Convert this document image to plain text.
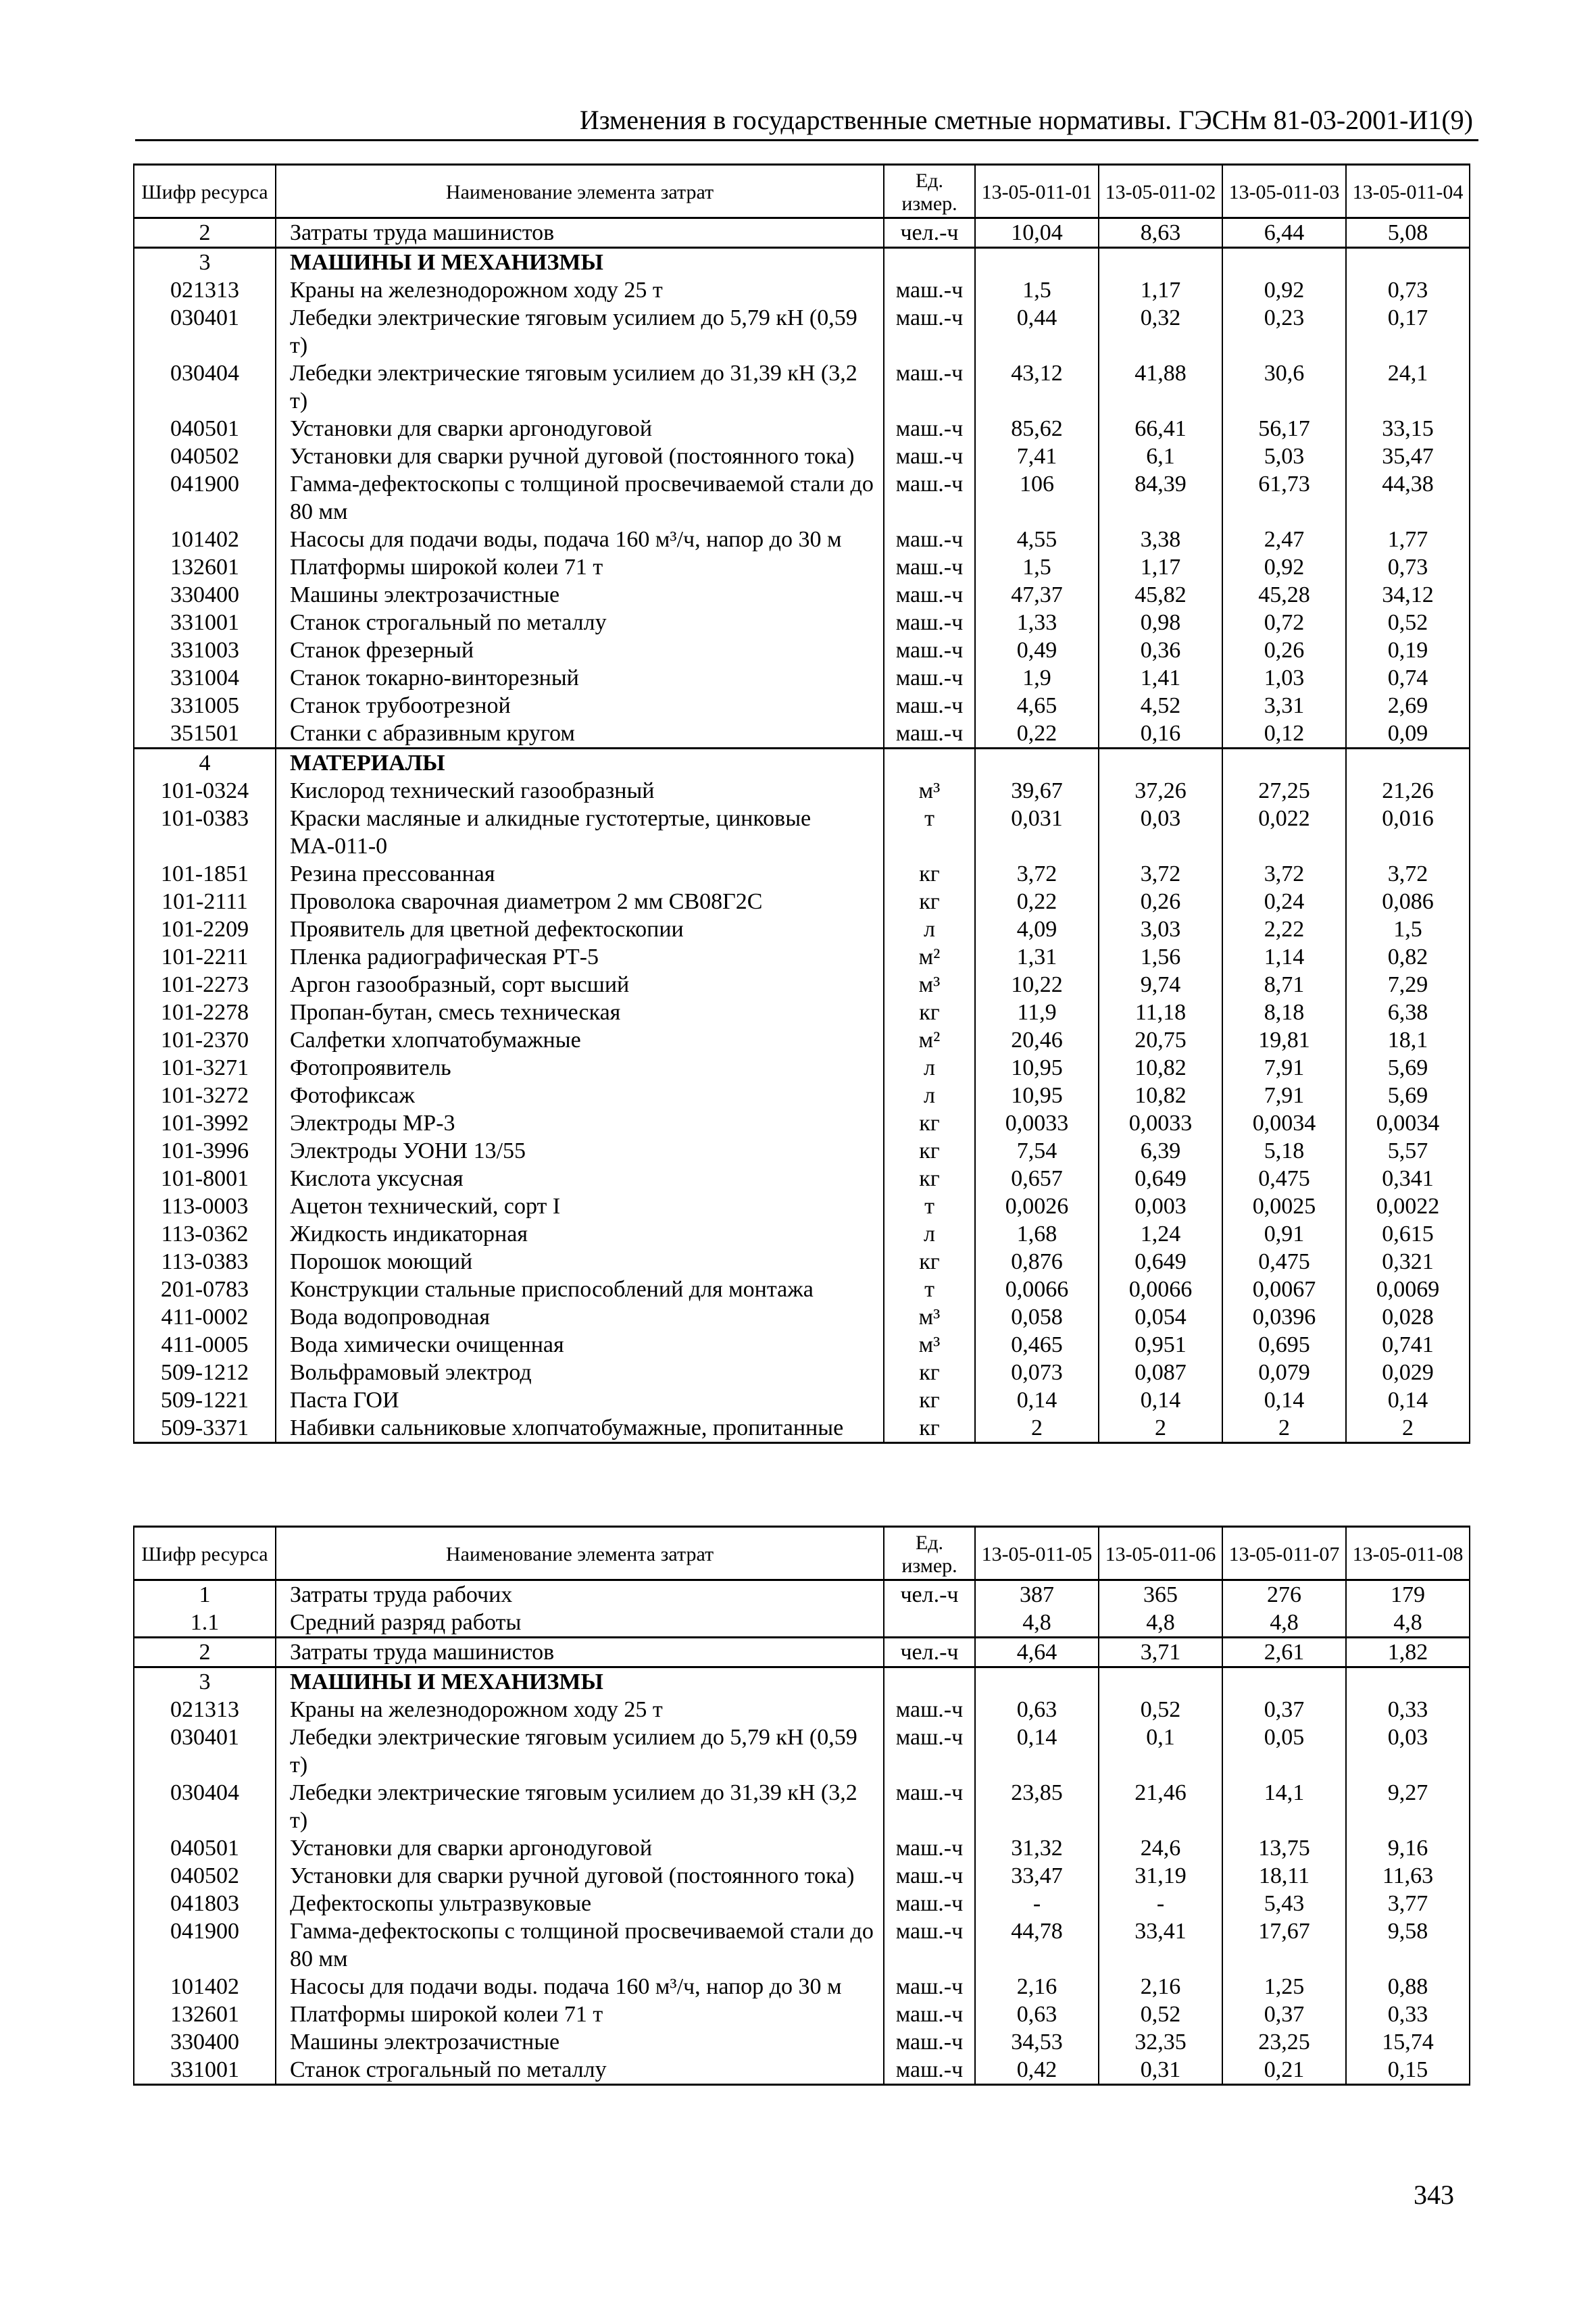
Изменения в государственные сметные нормативы. ГЭСНм 81-03-2001-И1(9)
Шифр ресурса	Наименование элемента затрат	Ед. измер.	13-05-011-01	13-05-011-02	13-05-011-03	13-05-011-04
2	Затраты труда машинистов	чел.-ч	10,04	8,63	6,44	5,08
3	МАШИНЫ И МЕХАНИЗМЫ					
021313	Краны на железнодорожном ходу 25 т	маш.-ч	1,5	1,17	0,92	0,73
030401	Лебедки электрические тяговым усилием до 5,79 кН (0,59 т)	маш.-ч	0,44	0,32	0,23	0,17
030404	Лебедки электрические тяговым усилием до 31,39 кН (3,2 т)	маш.-ч	43,12	41,88	30,6	24,1
040501	Установки для сварки аргонодуговой	маш.-ч	85,62	66,41	56,17	33,15
040502	Установки для сварки ручной дуговой (постоянного тока)	маш.-ч	7,41	6,1	5,03	35,47
041900	Гамма-дефектоскопы с толщиной просвечиваемой стали до 80 мм	маш.-ч	106	84,39	61,73	44,38
101402	Насосы для подачи воды, подача 160 м³/ч, напор до 30 м	маш.-ч	4,55	3,38	2,47	1,77
132601	Платформы широкой колеи 71 т	маш.-ч	1,5	1,17	0,92	0,73
330400	Машины электрозачистные	маш.-ч	47,37	45,82	45,28	34,12
331001	Станок строгальный по металлу	маш.-ч	1,33	0,98	0,72	0,52
331003	Станок фрезерный	маш.-ч	0,49	0,36	0,26	0,19
331004	Станок токарно-винторезный	маш.-ч	1,9	1,41	1,03	0,74
331005	Станок трубоотрезной	маш.-ч	4,65	4,52	3,31	2,69
351501	Станки с абразивным кругом	маш.-ч	0,22	0,16	0,12	0,09
4	МАТЕРИАЛЫ					
101-0324	Кислород технический газообразный	м³	39,67	37,26	27,25	21,26
101-0383	Краски масляные и алкидные густотертые, цинковые МА-011-0	т	0,031	0,03	0,022	0,016
101-1851	Резина прессованная	кг	3,72	3,72	3,72	3,72
101-2111	Проволока сварочная диаметром 2 мм СВ08Г2С	кг	0,22	0,26	0,24	0,086
101-2209	Проявитель для цветной дефектоскопии	л	4,09	3,03	2,22	1,5
101-2211	Пленка радиографическая РТ-5	м²	1,31	1,56	1,14	0,82
101-2273	Аргон газообразный, сорт высший	м³	10,22	9,74	8,71	7,29
101-2278	Пропан-бутан, смесь техническая	кг	11,9	11,18	8,18	6,38
101-2370	Салфетки хлопчатобумажные	м²	20,46	20,75	19,81	18,1
101-3271	Фотопроявитель	л	10,95	10,82	7,91	5,69
101-3272	Фотофиксаж	л	10,95	10,82	7,91	5,69
101-3992	Электроды МР-3	кг	0,0033	0,0033	0,0034	0,0034
101-3996	Электроды УОНИ 13/55	кг	7,54	6,39	5,18	5,57
101-8001	Кислота уксусная	кг	0,657	0,649	0,475	0,341
113-0003	Ацетон технический, сорт I	т	0,0026	0,003	0,0025	0,0022
113-0362	Жидкость индикаторная	л	1,68	1,24	0,91	0,615
113-0383	Порошок моющий	кг	0,876	0,649	0,475	0,321
201-0783	Конструкции стальные приспособлений для монтажа	т	0,0066	0,0066	0,0067	0,0069
411-0002	Вода водопроводная	м³	0,058	0,054	0,0396	0,028
411-0005	Вода химически очищенная	м³	0,465	0,951	0,695	0,741
509-1212	Вольфрамовый электрод	кг	0,073	0,087	0,079	0,029
509-1221	Паста ГОИ	кг	0,14	0,14	0,14	0,14
509-3371	Набивки сальниковые хлопчатобумажные, пропитанные	кг	2	2	2	2
Шифр ресурса	Наименование элемента затрат	Ед. измер.	13-05-011-05	13-05-011-06	13-05-011-07	13-05-011-08
1	Затраты труда рабочих	чел.-ч	387	365	276	179
1.1	Средний разряд работы		4,8	4,8	4,8	4,8
2	Затраты труда машинистов	чел.-ч	4,64	3,71	2,61	1,82
3	МАШИНЫ И МЕХАНИЗМЫ					
021313	Краны на железнодорожном ходу 25 т	маш.-ч	0,63	0,52	0,37	0,33
030401	Лебедки электрические тяговым усилием до 5,79 кН (0,59 т)	маш.-ч	0,14	0,1	0,05	0,03
030404	Лебедки электрические тяговым усилием до 31,39 кН (3,2 т)	маш.-ч	23,85	21,46	14,1	9,27
040501	Установки для сварки аргонодуговой	маш.-ч	31,32	24,6	13,75	9,16
040502	Установки для сварки ручной дуговой (постоянного тока)	маш.-ч	33,47	31,19	18,11	11,63
041803	Дефектоскопы ультразвуковые	маш.-ч	-	-	5,43	3,77
041900	Гамма-дефектоскопы с толщиной просвечиваемой стали до 80 мм	маш.-ч	44,78	33,41	17,67	9,58
101402	Насосы для подачи воды. подача 160 м³/ч, напор до 30 м	маш.-ч	2,16	2,16	1,25	0,88
132601	Платформы широкой колеи 71 т	маш.-ч	0,63	0,52	0,37	0,33
330400	Машины электрозачистные	маш.-ч	34,53	32,35	23,25	15,74
331001	Станок строгальный по металлу	маш.-ч	0,42	0,31	0,21	0,15
343
